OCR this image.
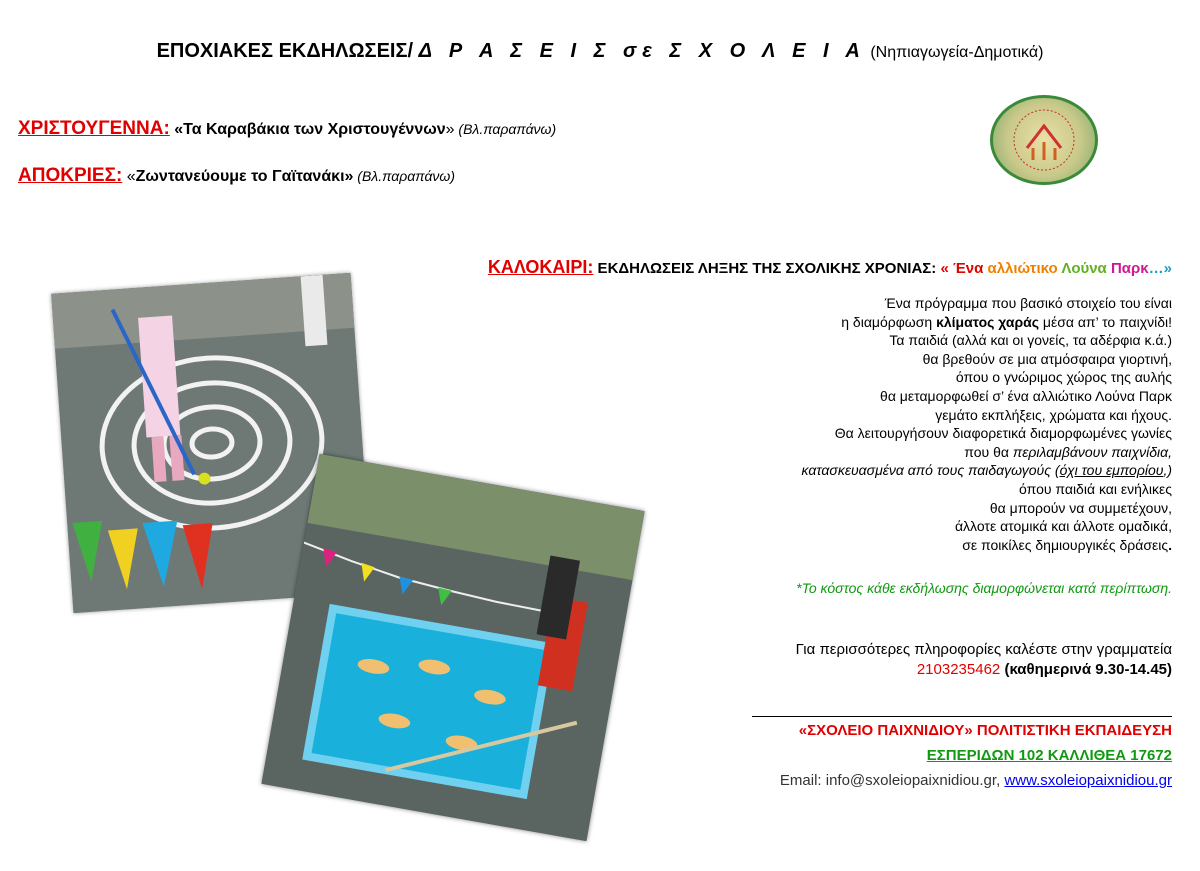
ΕΠΟΧΙΑΚΕΣ ΕΚΔΗΛΩΣΕΙΣ/ Δ Ρ Α Σ Ε Ι Σ σε Σ Χ Ο Λ Ε Ι Α (Νηπιαγωγεία-Δημοτικά)
ΧΡΙΣΤΟΥΓΕΝΝΑ: «Τα Καραβάκια των Χριστουγέννων» (Βλ.παραπάνω)
ΑΠΟΚΡΙΕΣ: «Ζωντανεύουμε το Γαϊτανάκι» (Βλ.παραπάνω)
ΚΑΛΟΚΑΙΡΙ: ΕΚΔΗΛΩΣΕΙΣ ΛΗΞΗΣ ΤΗΣ ΣΧΟΛΙΚΗΣ ΧΡΟΝΙΑΣ: « Ένα αλλιώτικο Λούνα Παρκ…»
Ένα πρόγραμμα που βασικό στοιχείο του είναι
η διαμόρφωση κλίματος χαράς μέσα απ’ το παιχνίδι!
Τα παιδιά (αλλά και οι γονείς, τα αδέρφια κ.ά.)
θα βρεθούν σε μια ατμόσφαιρα γιορτινή,
όπου ο γνώριμος χώρος της αυλής
θα μεταμορφωθεί σ’ ένα αλλιώτικο Λούνα Παρκ
γεμάτο εκπλήξεις, χρώματα και ήχους.
Θα λειτουργήσουν διαφορετικά διαμορφωμένες γωνίες
που θα περιλαμβάνουν παιχνίδια,
κατασκευασμένα από τους παιδαγωγούς (όχι του εμπορίου,)
όπου παιδιά και ενήλικες
θα μπορούν να συμμετέχουν,
άλλοτε ατομικά και άλλοτε ομαδικά,
σε ποικίλες δημιουργικές δράσεις.
*Το κόστος κάθε εκδήλωσης διαμορφώνεται κατά περίπτωση.
Για περισσότερες πληροφορίες καλέστε στην γραμματεία
2103235462 (καθημερινά 9.30-14.45)
«ΣΧΟΛΕΙΟ ΠΑΙΧΝΙΔΙΟΥ» ΠΟΛΙΤΙΣΤΙΚΗ ΕΚΠΑΙΔΕΥΣΗ
ΕΣΠΕΡΙΔΩΝ 102 ΚΑΛΛΙΘΕΑ 17672
Email: info@sxoleiopaixnidiou.gr, www.sxoleiopaixnidiou.gr
